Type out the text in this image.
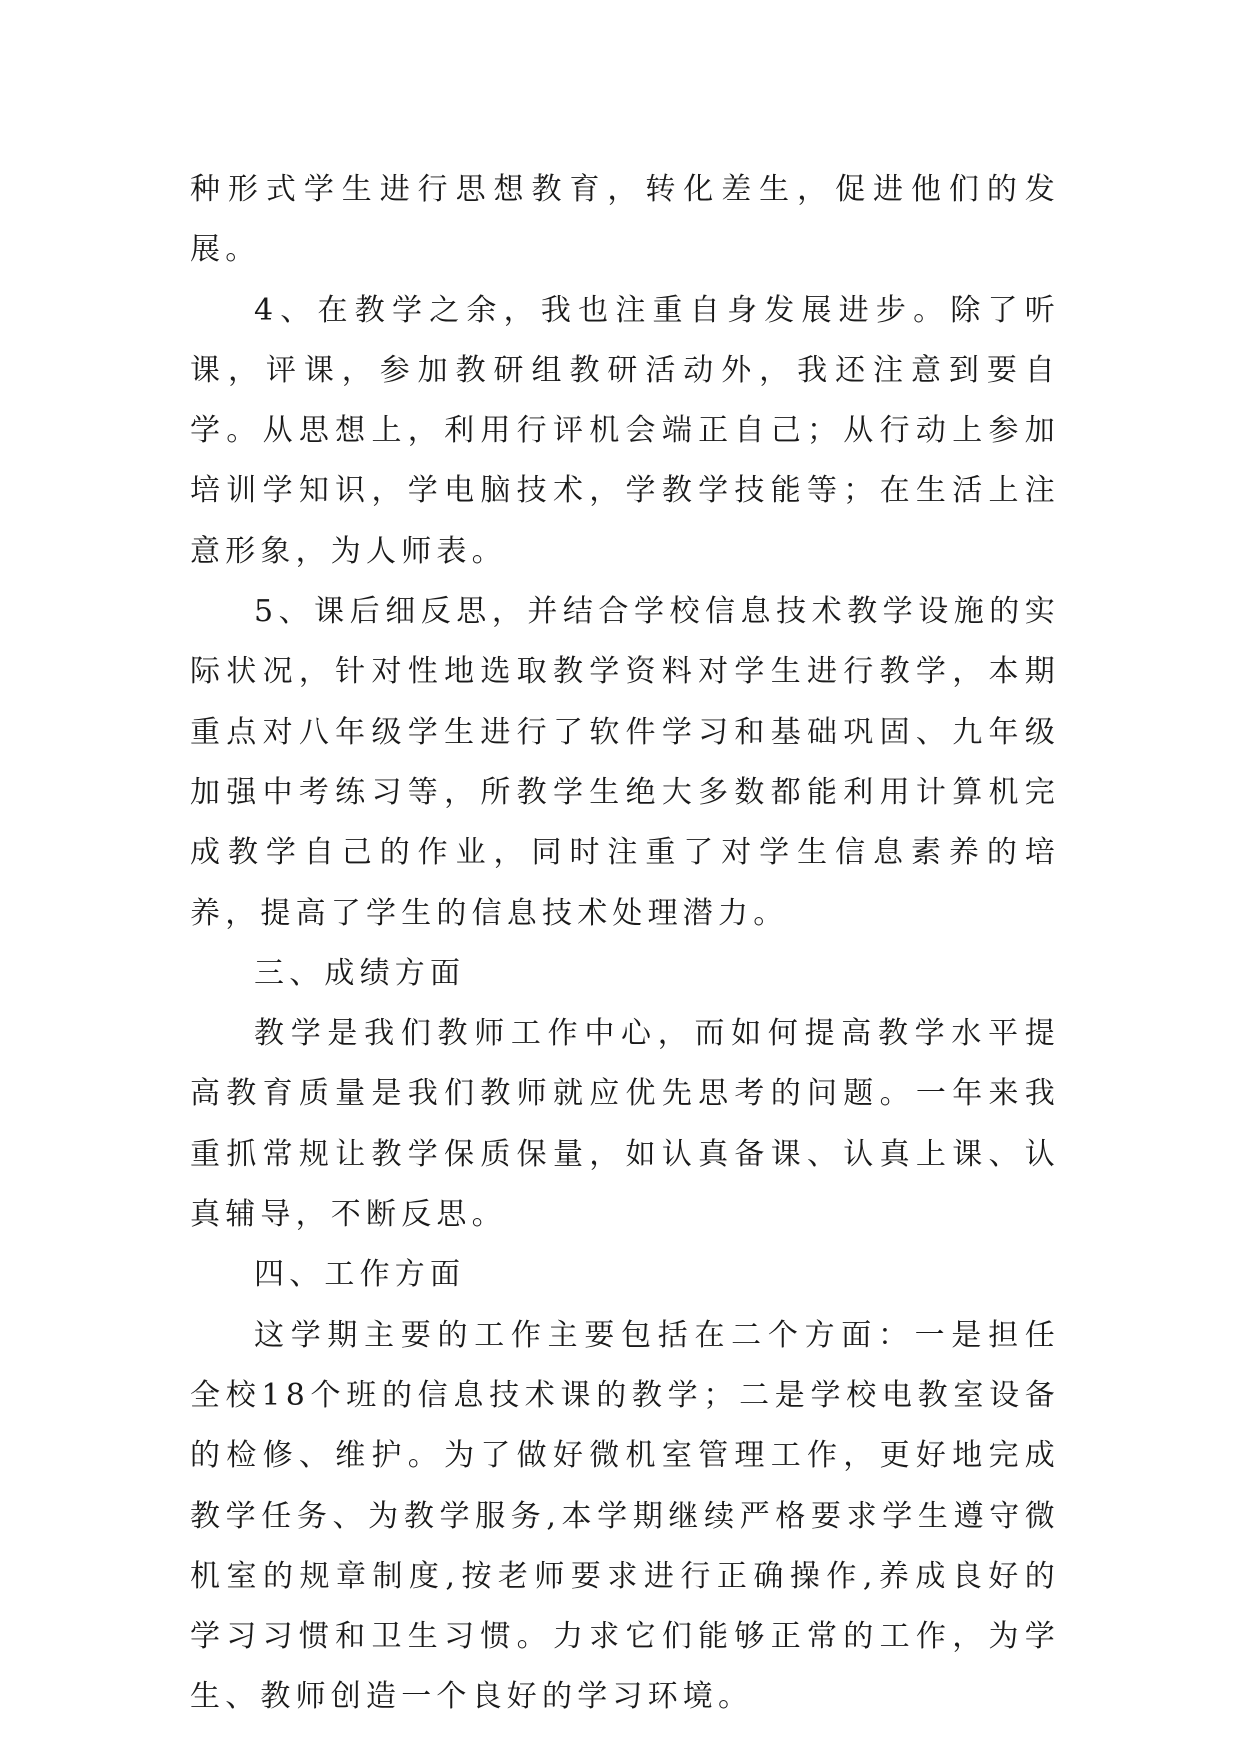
种形式学生进行思想教育，转化差生，促进他们的发展。

4、在教学之余，我也注重自身发展进步。除了听课，评课，参加教研组教研活动外，我还注意到要自学。从思想上，利用行评机会端正自己；从行动上参加培训学知识，学电脑技术，学教学技能等；在生活上注意形象，为人师表。

5、课后细反思，并结合学校信息技术教学设施的实际状况，针对性地选取教学资料对学生进行教学，本期重点对八年级学生进行了软件学习和基础巩固、九年级加强中考练习等，所教学生绝大多数都能利用计算机完成教学自己的作业，同时注重了对学生信息素养的培养，提高了学生的信息技术处理潜力。

三、成绩方面

教学是我们教师工作中心，而如何提高教学水平提高教育质量是我们教师就应优先思考的问题。一年来我重抓常规让教学保质保量，如认真备课、认真上课、认真辅导，不断反思。

四、工作方面

这学期主要的工作主要包括在二个方面：一是担任全校18个班的信息技术课的教学；二是学校电教室设备的检修、维护。为了做好微机室管理工作，更好地完成教学任务、为教学服务,本学期继续严格要求学生遵守微机室的规章制度,按老师要求进行正确操作,养成良好的学习习惯和卫生习惯。力求它们能够正常的工作，为学生、教师创造一个良好的学习环境。
